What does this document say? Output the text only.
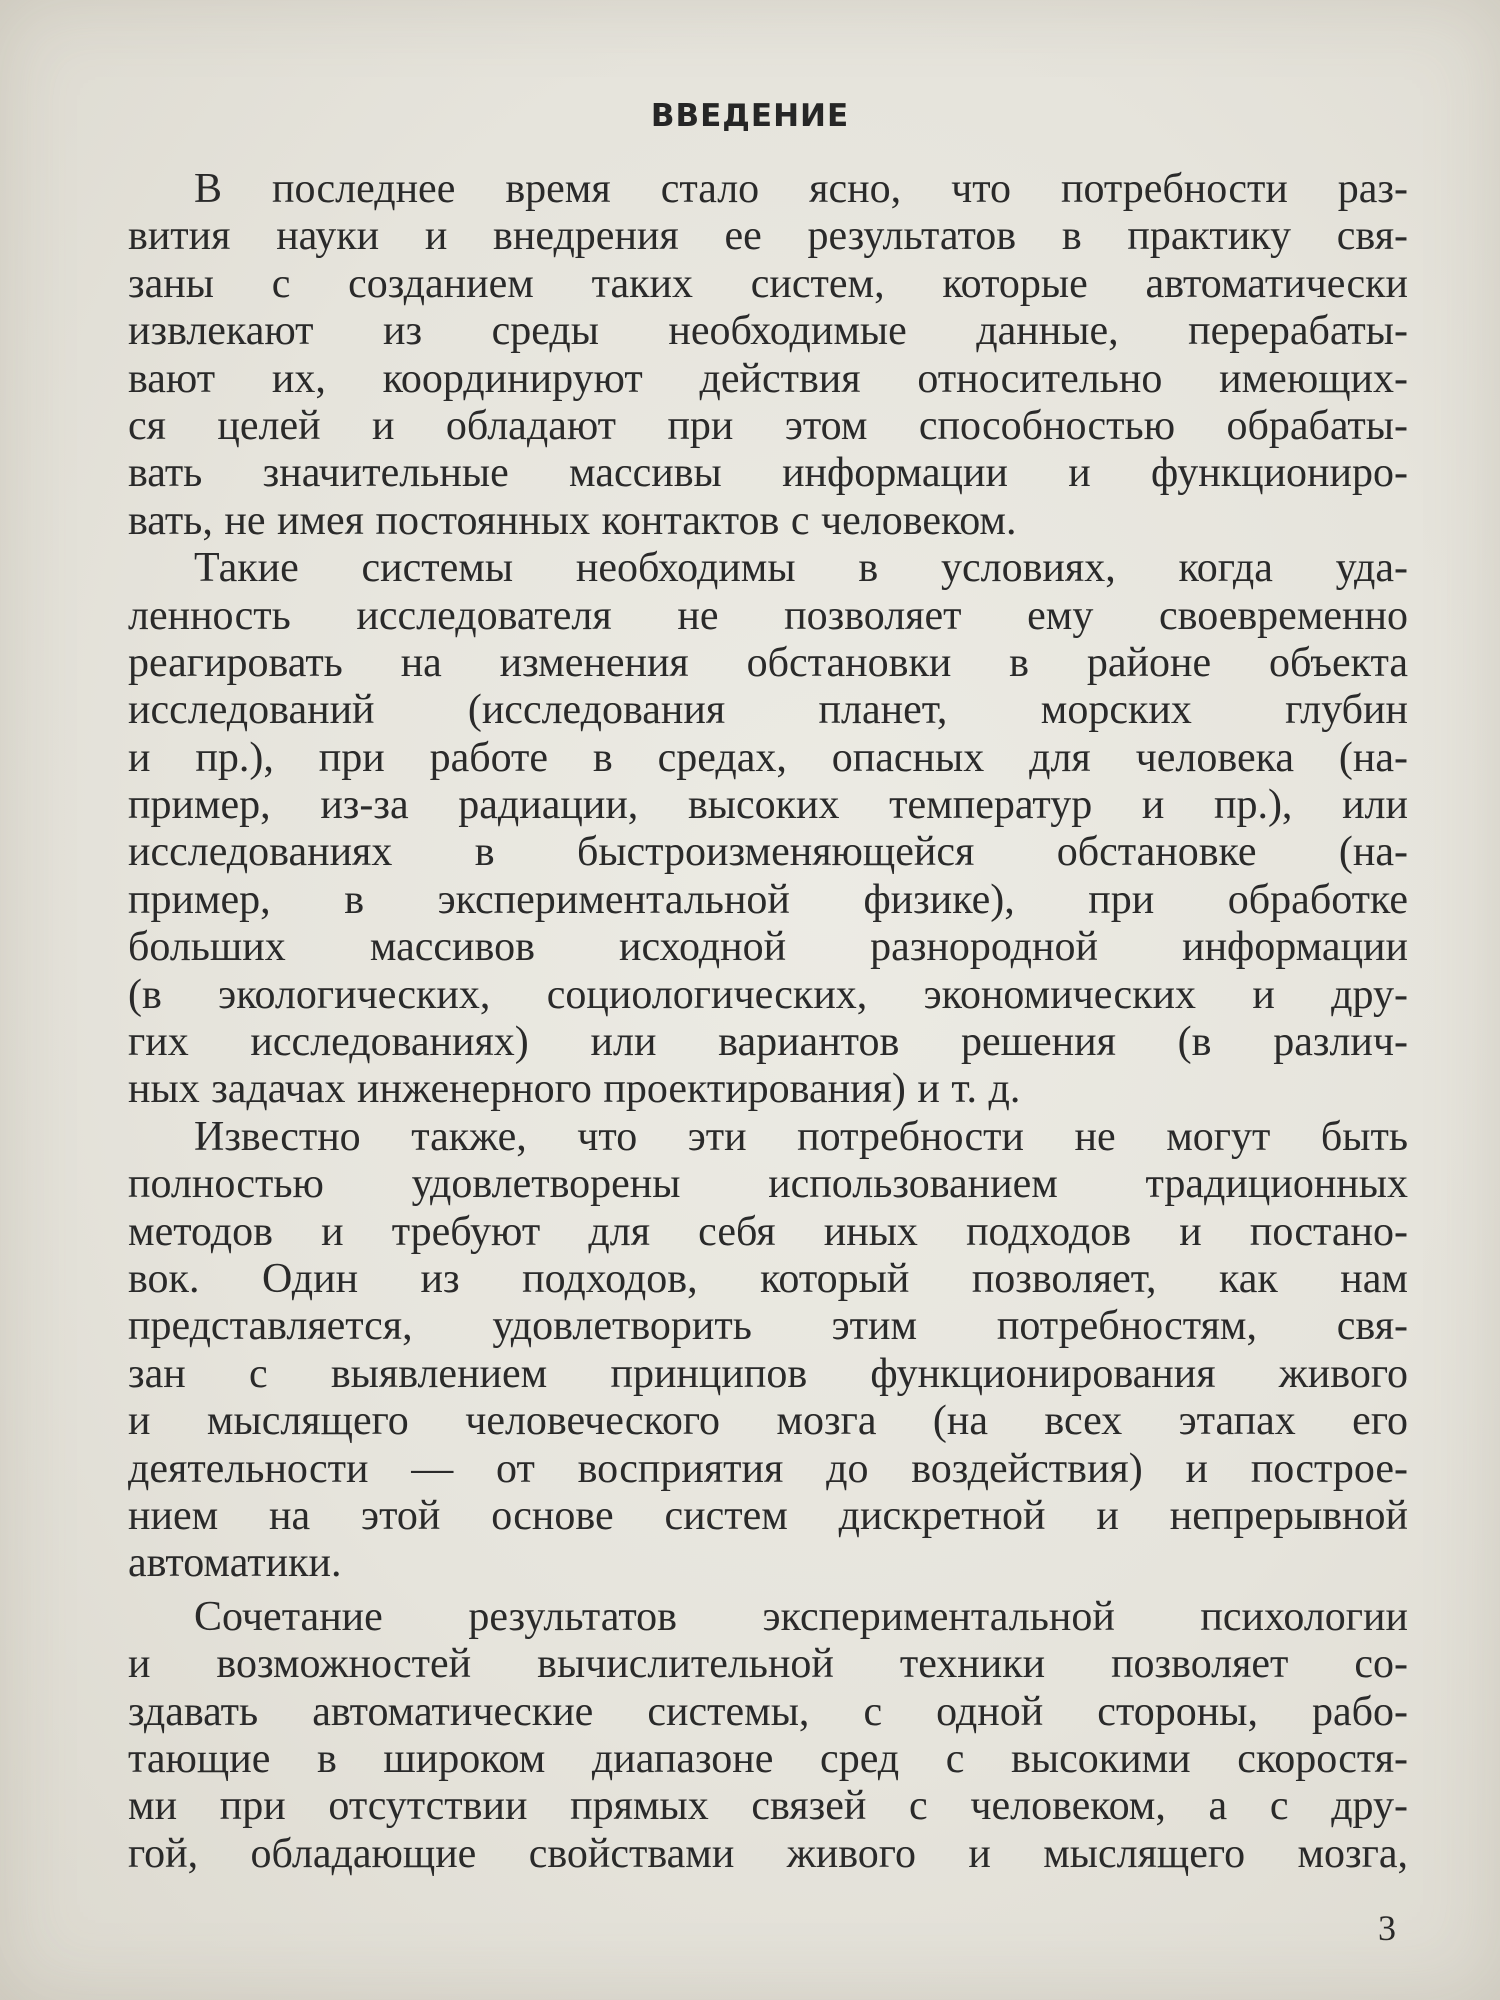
ВВЕДЕНИЕ
В последнее время стало ясно, что потребности раз-
вития науки и внедрения ее результатов в практику свя-
заны с созданием таких систем, которые автоматически
извлекают из среды необходимые данные, перерабаты-
вают их, координируют действия относительно имеющих-
ся целей и обладают при этом способностью обрабаты-
вать значительные массивы информации и функциониро-
вать, не имея постоянных контактов с человеком.
Такие системы необходимы в условиях, когда уда-
ленность исследователя не позволяет ему своевременно
реагировать на изменения обстановки в районе объекта
исследований (исследования планет, морских глубин
и пр.), при работе в средах, опасных для человека (на-
пример, из-за радиации, высоких температур и пр.), или
исследованиях в быстроизменяющейся обстановке (на-
пример, в экспериментальной физике), при обработке
больших массивов исходной разнородной информации
(в экологических, социологических, экономических и дру-
гих исследованиях) или вариантов решения (в различ-
ных задачах инженерного проектирования) и т. д.
Известно также, что эти потребности не могут быть
полностью удовлетворены использованием традиционных
методов и требуют для себя иных подходов и постано-
вок. Один из подходов, который позволяет, как нам
представляется, удовлетворить этим потребностям, свя-
зан с выявлением принципов функционирования живого
и мыслящего человеческого мозга (на всех этапах его
деятельности — от восприятия до воздействия) и построе-
нием на этой основе систем дискретной и непрерывной
автоматики.
Сочетание результатов экспериментальной психологии
и возможностей вычислительной техники позволяет со-
здавать автоматические системы, с одной стороны, рабо-
тающие в широком диапазоне сред с высокими скоростя-
ми при отсутствии прямых связей с человеком, а с дру-
гой, обладающие свойствами живого и мыслящего мозга,
3
